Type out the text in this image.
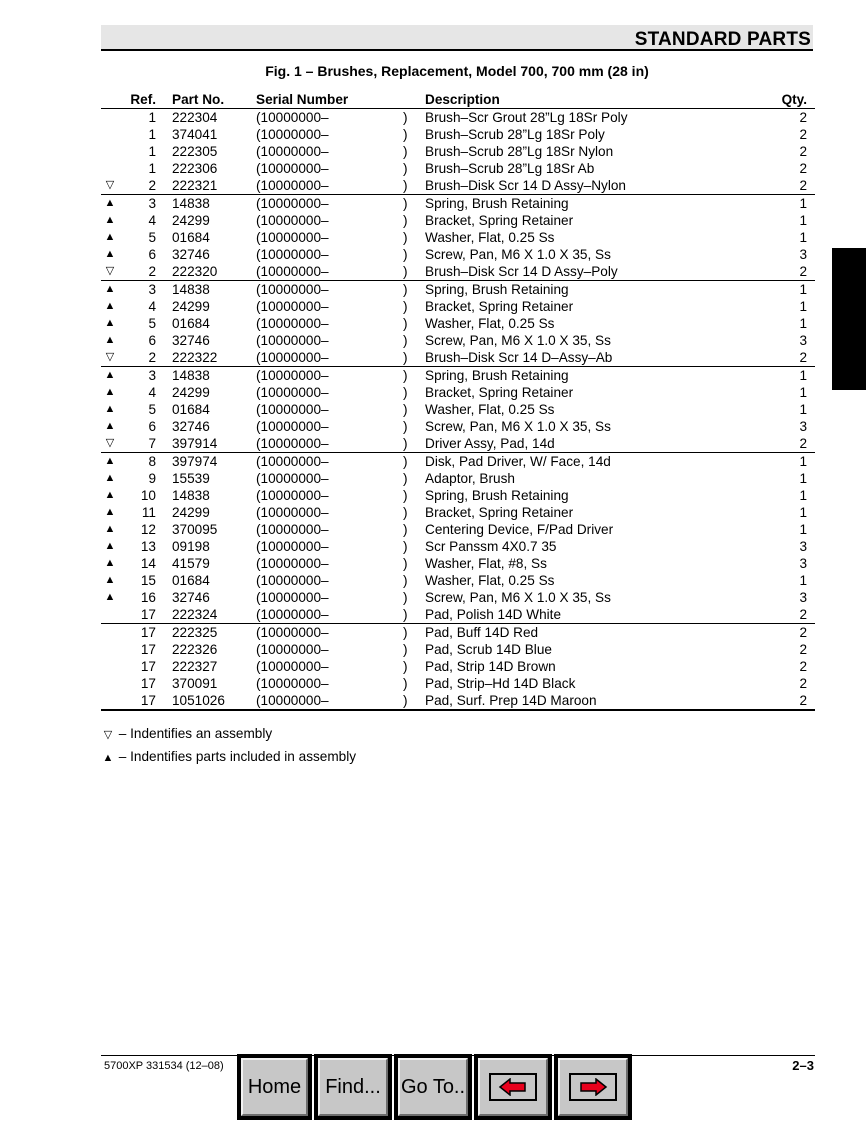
STANDARD PARTS
Fig. 1 – Brushes, Replacement, Model 700, 700 mm (28 in)
Ref. Part No. Serial Number	Description	Qty.
1 222304	(10000000–	) Brush–Scr Grout 28”Lg 18Sr Poly	2
1 374041	(10000000–	) Brush–Scrub 28”Lg 18Sr Poly	2
1 222305	(10000000–	) Brush–Scrub 28”Lg 18Sr Nylon	2
1 222306	(10000000–	) Brush–Scrub 28”Lg 18Sr Ab	2
▽	2 222321	(10000000–	) Brush–Disk Scr 14 D Assy–Nylon	2
▲	3 14838	(10000000–	) Spring, Brush Retaining	1
▲	4 24299	(10000000–	) Bracket, Spring Retainer	1
▲	5 01684	(10000000–	) Washer, Flat, 0.25 Ss	1
▲	6 32746	(10000000–	) Screw, Pan, M6 X 1.0 X 35, Ss	3
▽	2 222320	(10000000–	) Brush–Disk Scr 14 D Assy–Poly	2
▲	3 14838	(10000000–	) Spring, Brush Retaining	1
▲	4 24299	(10000000–	) Bracket, Spring Retainer	1
▲	5 01684	(10000000–	) Washer, Flat, 0.25 Ss	1
▲	6 32746	(10000000–	) Screw, Pan, M6 X 1.0 X 35, Ss	3
▽	2 222322	(10000000–	) Brush–Disk Scr 14 D–Assy–Ab	2
▲	3 14838	(10000000–	) Spring, Brush Retaining	1
▲	4 24299	(10000000–	) Bracket, Spring Retainer	1
▲	5 01684	(10000000–	) Washer, Flat, 0.25 Ss	1
▲	6 32746	(10000000–	) Screw, Pan, M6 X 1.0 X 35, Ss	3
▽	7 397914	(10000000–	) Driver Assy, Pad, 14d	2
▲	8 397974	(10000000–	) Disk, Pad Driver, W/ Face, 14d	1
▲	9 15539	(10000000–	) Adaptor, Brush	1
▲	10 14838	(10000000–	) Spring, Brush Retaining	1
▲	11 24299	(10000000–	) Bracket, Spring Retainer	1
▲	12 370095	(10000000–	) Centering Device, F/Pad Driver	1
▲	13 09198	(10000000–	) Scr Panssm 4X0.7 35	3
▲	14 41579	(10000000–	) Washer, Flat, #8, Ss	3
▲	15 01684	(10000000–	) Washer, Flat, 0.25 Ss	1
▲	16 32746	(10000000–	) Screw, Pan, M6 X 1.0 X 35, Ss	3
17 222324	(10000000–	) Pad, Polish 14D White	2
17 222325	(10000000–	) Pad, Buff 14D Red	2
17 222326	(10000000–	) Pad, Scrub 14D Blue	2
17 222327	(10000000–	) Pad, Strip 14D Brown	2
17 370091	(10000000–	) Pad, Strip–Hd 14D Black	2
17 1051026 (10000000–	) Pad, Surf. Prep 14D Maroon	2
▽ – Indentifies an assembly
▲ – Indentifies parts included in assembly
5700XP 331534 (12–08)	2–3
Home Find... Go To..
